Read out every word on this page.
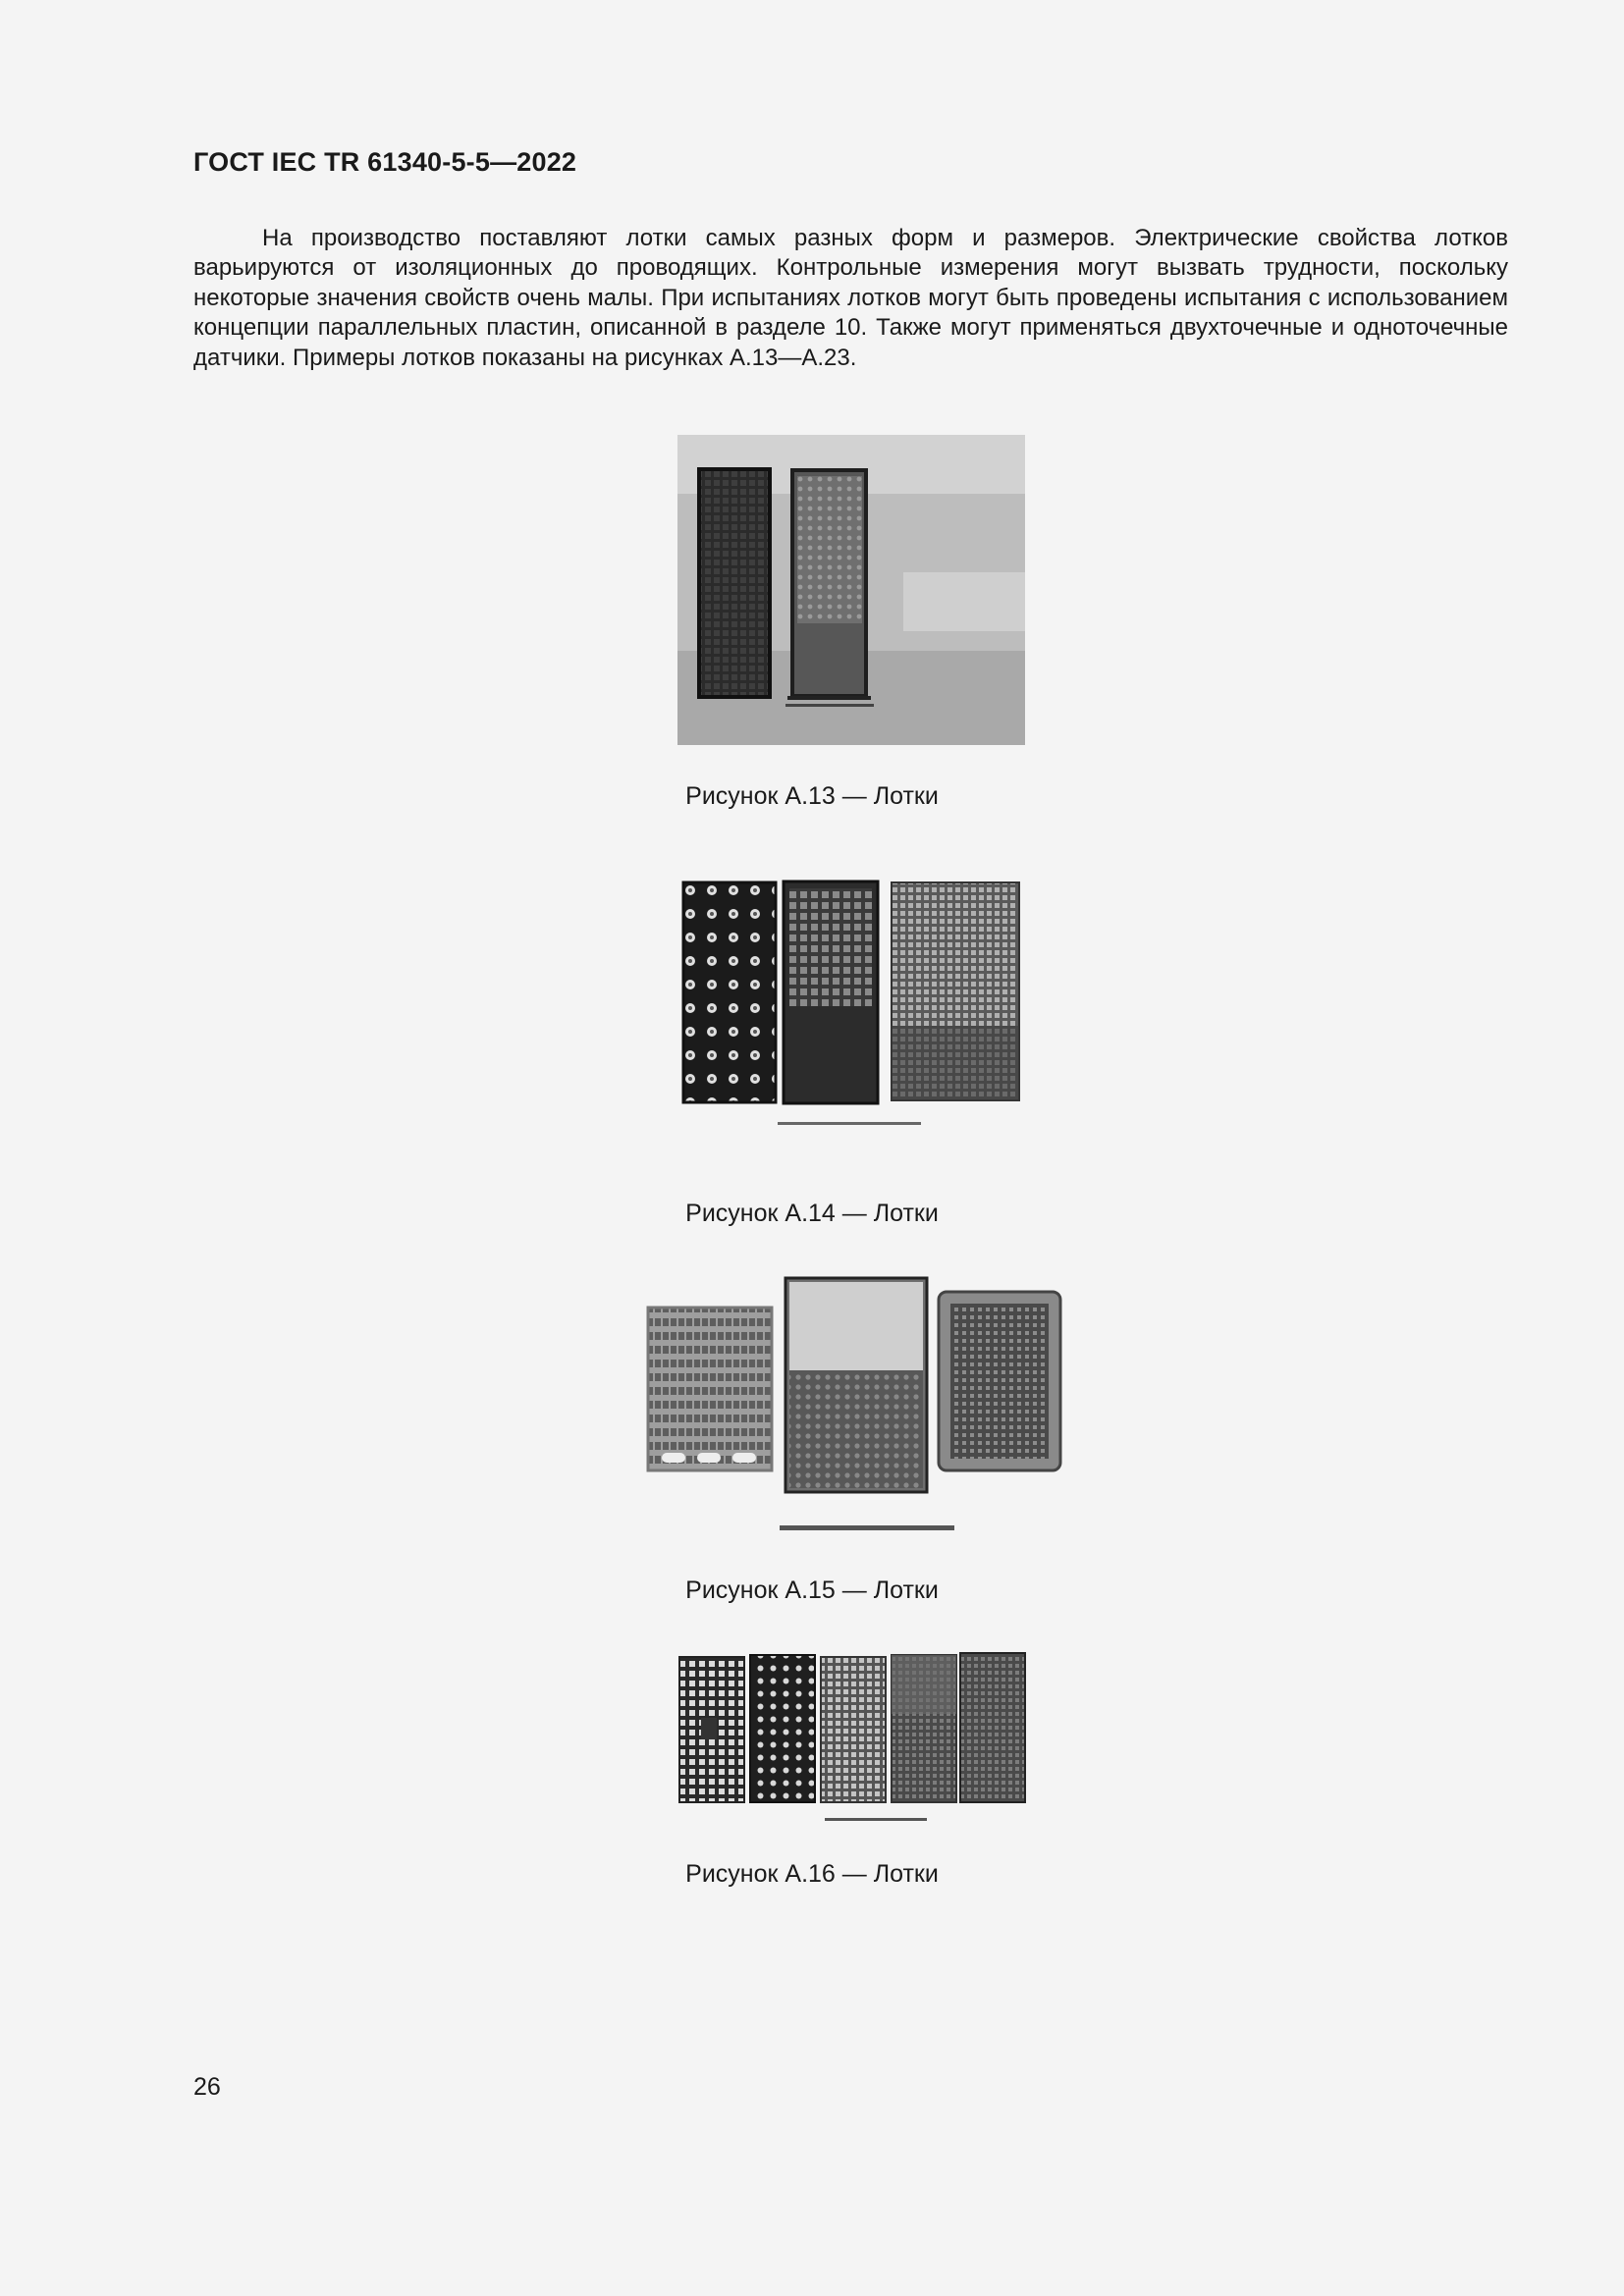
ГОСТ IEC TR 61340-5-5—2022

На производство поставляют лотки самых разных форм и размеров. Электрические свойства лотков варьируются от изоляционных до проводящих. Контрольные измерения могут вызвать трудности, поскольку некоторые значения свойств очень малы. При испытаниях лотков могут быть проведены испытания с использованием концепции параллельных пластин, описанной в разделе 10. Также могут применяться двухточечные и одноточечные датчики. Примеры лотков показаны на рисунках А.13—А.23.

Рисунок А.13 — Лотки
Рисунок А.14 — Лотки
Рисунок А.15 — Лотки
Рисунок А.16 — Лотки
26
